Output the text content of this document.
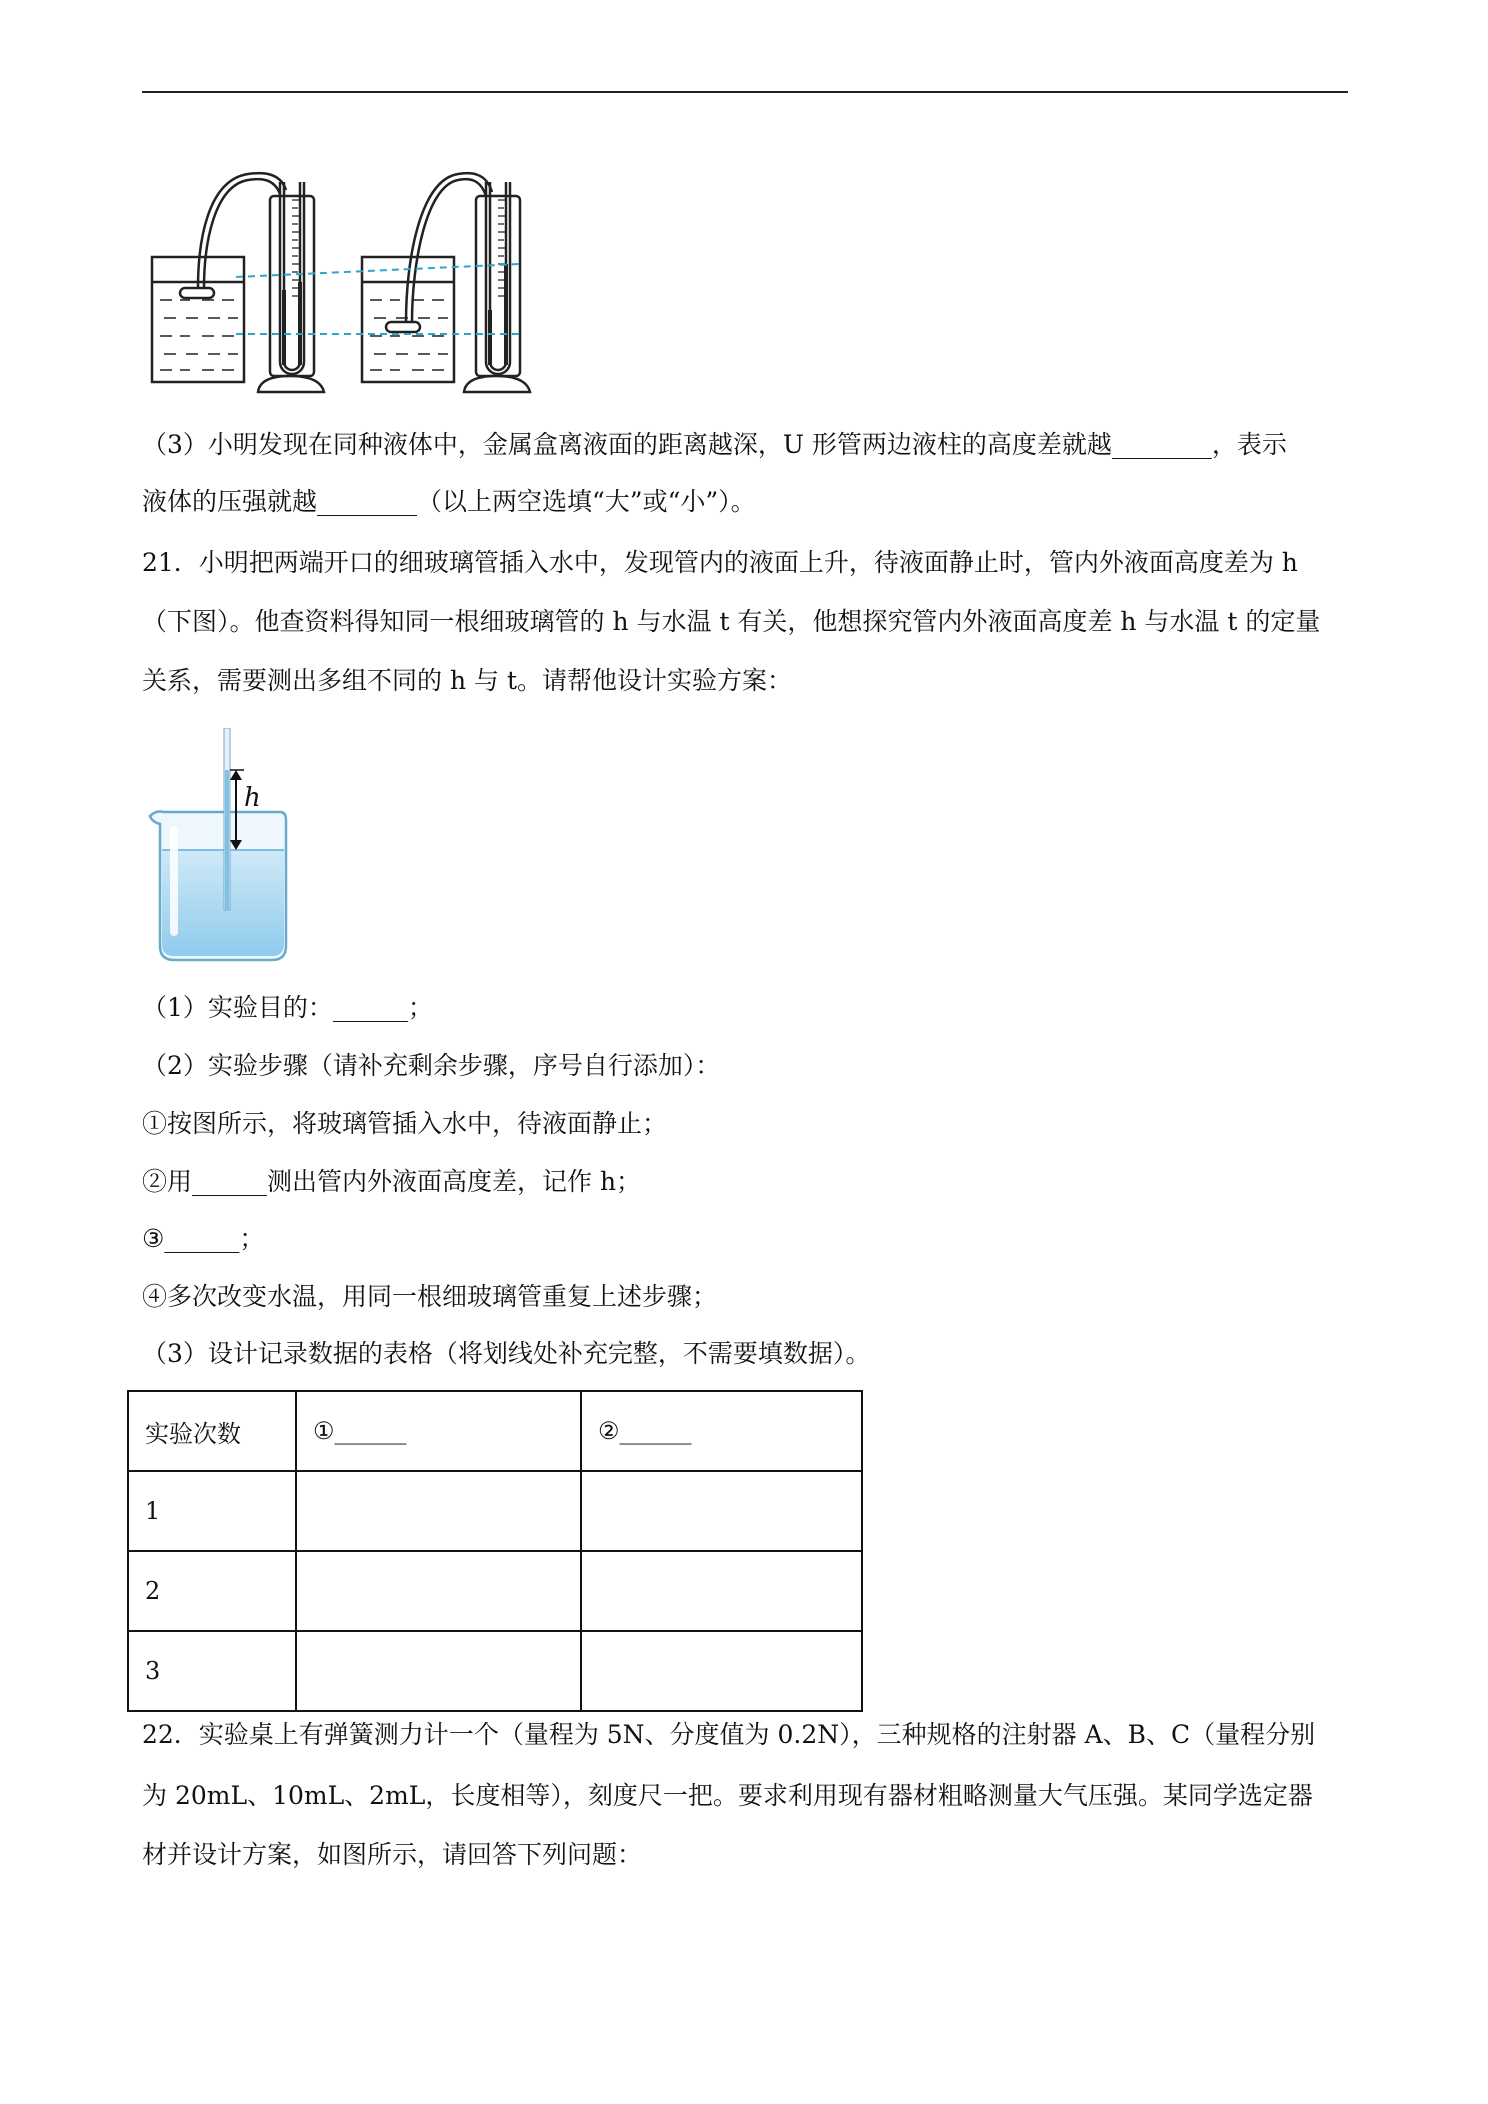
（3）小明发现在同种液体中，金属盒离液面的距离越深，U 形管两边液柱的高度差就越________，表示
液体的压强就越________（以上两空选填“大”或“小”）。
21．小明把两端开口的细玻璃管插入水中，发现管内的液面上升，待液面静止时，管内外液面高度差为 h
（下图）。他查资料得知同一根细玻璃管的 h 与水温 t 有关，他想探究管内外液面高度差 h 与水温 t 的定量
关系，需要测出多组不同的 h 与 t。请帮他设计实验方案：
h
（1）实验目的：______；
（2）实验步骤（请补充剩余步骤，序号自行添加）：
①按图所示，将玻璃管插入水中，待液面静止；
②用______测出管内外液面高度差，记作 h；
③______；
④多次改变水温，用同一根细玻璃管重复上述步骤；
（3）设计记录数据的表格（将划线处补充完整，不需要填数据）。
实验次数	①______	②______
1		
2		
3		
22．实验桌上有弹簧测力计一个（量程为 5N、分度值为 0.2N），三种规格的注射器 A、B、C（量程分别
为 20mL、10mL、2mL，长度相等），刻度尺一把。要求利用现有器材粗略测量大气压强。某同学选定器
材并设计方案，如图所示，请回答下列问题：
